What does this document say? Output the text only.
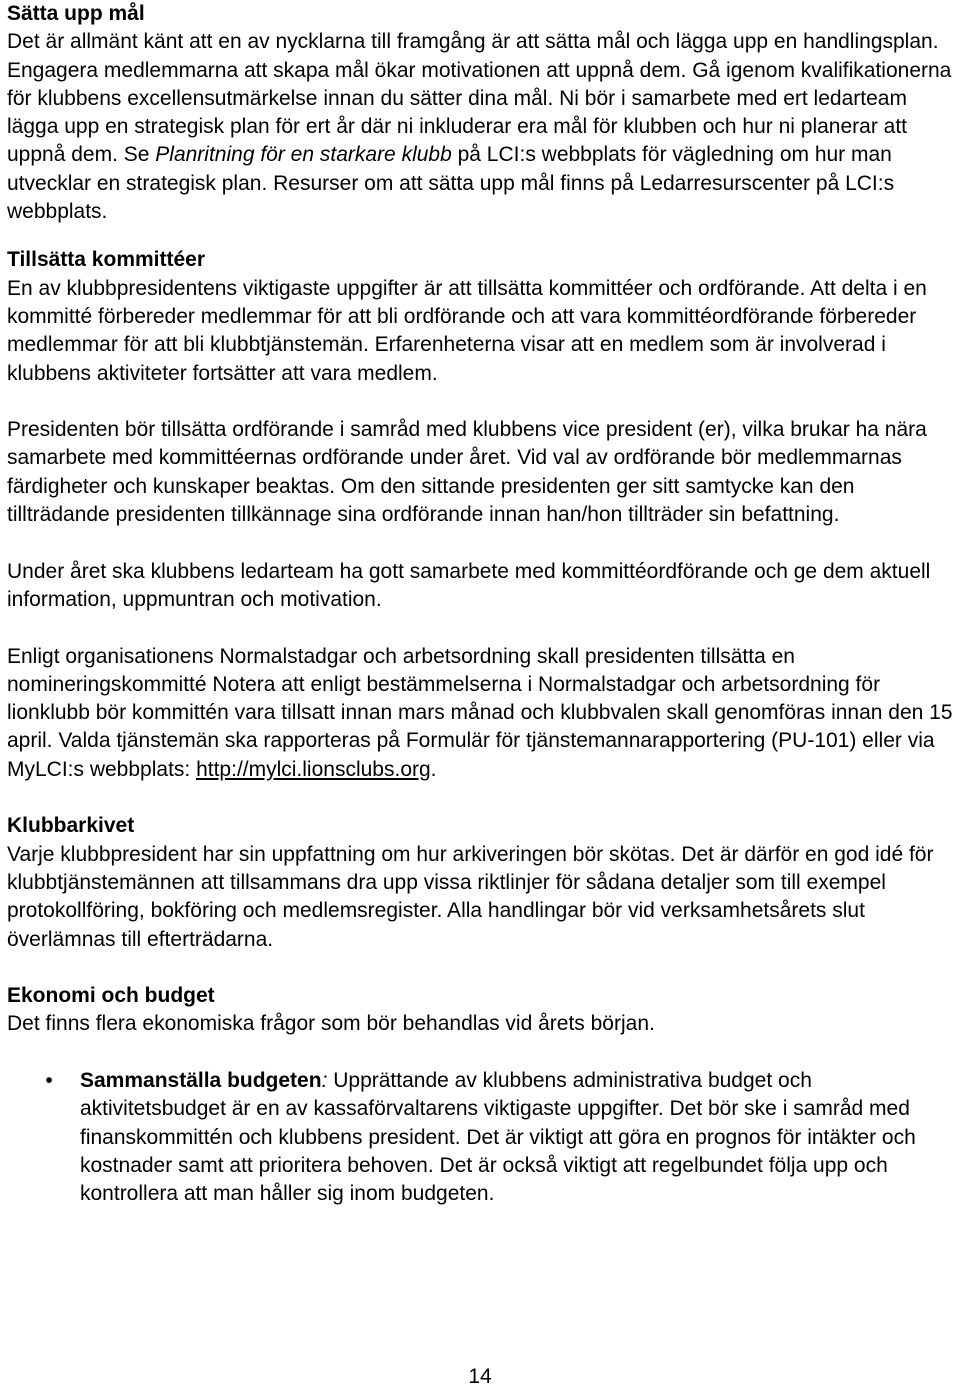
Sätta upp mål

Det är allmänt känt att en av nycklarna till framgång är att sätta mål och lägga upp en handlingsplan. Engagera medlemmarna att skapa mål ökar motivationen att uppnå dem. Gå igenom kvalifikationerna för klubbens excellensutmärkelse innan du sätter dina mål. Ni bör i samarbete med ert ledarteam lägga upp en strategisk plan för ert år där ni inkluderar era mål för klubben och hur ni planerar att uppnå dem. Se Planritning för en starkare klubb på LCI:s webbplats för vägledning om hur man utvecklar en strategisk plan. Resurser om att sätta upp mål finns på Ledarresurscenter på LCI:s webbplats.

Tillsätta kommittéer

En av klubbpresidentens viktigaste uppgifter är att tillsätta kommittéer och ordförande. Att delta i en kommitté förbereder medlemmar för att bli ordförande och att vara kommittéordförande förbereder medlemmar för att bli klubbtjänstemän. Erfarenheterna visar att en medlem som är involverad i klubbens aktiviteter fortsätter att vara medlem.

Presidenten bör tillsätta ordförande i samråd med klubbens vice president (er), vilka brukar ha nära samarbete med kommittéernas ordförande under året. Vid val av ordförande bör medlemmarnas färdigheter och kunskaper beaktas. Om den sittande presidenten ger sitt samtycke kan den tillträdande presidenten tillkännage sina ordförande innan han/hon tillträder sin befattning.

Under året ska klubbens ledarteam ha gott samarbete med kommittéordförande och ge dem aktuell information, uppmuntran och motivation.

Enligt organisationens Normalstadgar och arbetsordning skall presidenten tillsätta en nomineringskommitté Notera att enligt bestämmelserna i Normalstadgar och arbetsordning för lionklubb bör kommittén vara tillsatt innan mars månad och klubbvalen skall genomföras innan den 15 april. Valda tjänstemän ska rapporteras på Formulär för tjänstemannarapportering (PU-101) eller via MyLCI:s webbplats: http://mylci.lionsclubs.org.

Klubbarkivet

Varje klubbpresident har sin uppfattning om hur arkiveringen bör skötas. Det är därför en god idé för klubbtjänstemännen att tillsammans dra upp vissa riktlinjer för sådana detaljer som till exempel protokollföring, bokföring och medlemsregister. Alla handlingar bör vid verksamhetsårets slut överlämnas till efterträdarna.

Ekonomi och budget

Det finns flera ekonomiska frågor som bör behandlas vid årets början.

•	Sammanställa budgeten: Upprättande av klubbens administrativa budget och aktivitetsbudget är en av kassaförvaltarens viktigaste uppgifter. Det bör ske i samråd med finanskommittén och klubbens president. Det är viktigt att göra en prognos för intäkter och kostnader samt att prioritera behoven. Det är också viktigt att regelbundet följa upp och kontrollera att man håller sig inom budgeten.
14
